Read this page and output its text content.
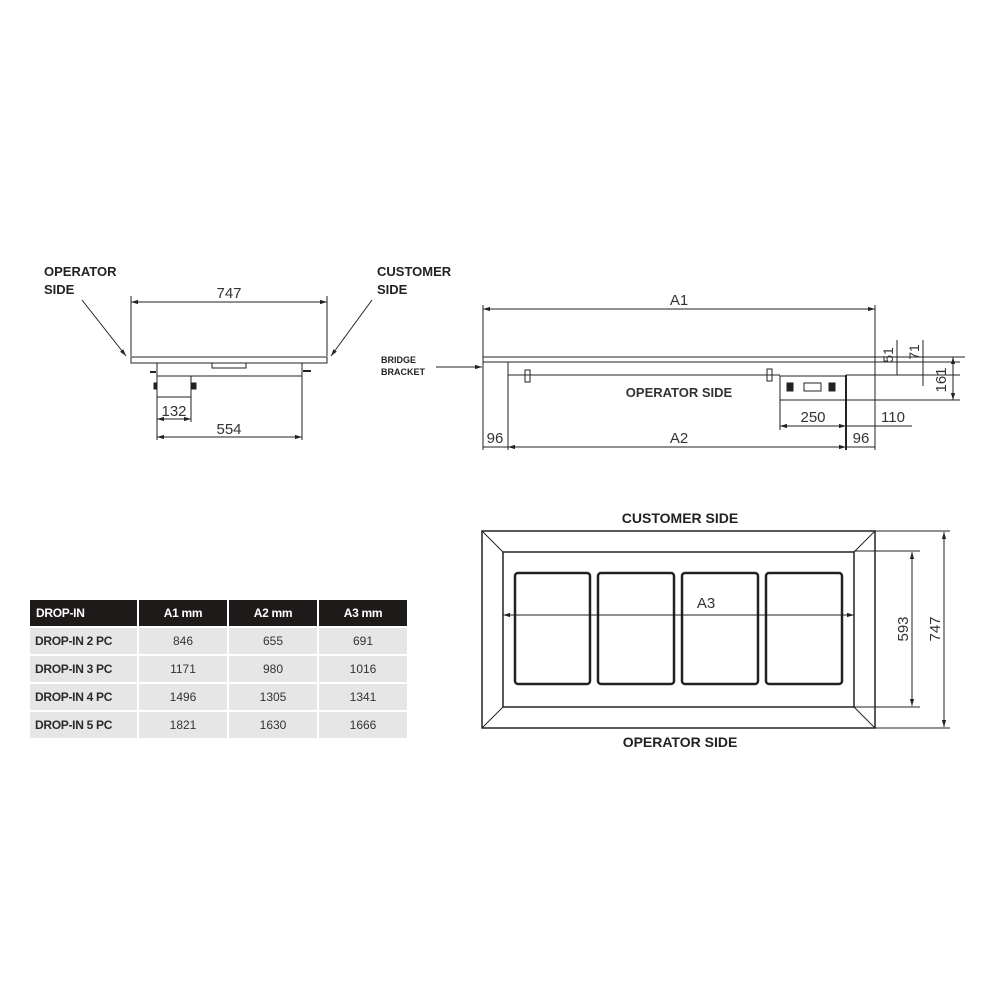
OPERATOR
SIDE
CUSTOMER
SIDE
747
132
554
A1
BRIDGE
BRACKET
OPERATOR SIDE
250	110
96	A2	96
51 71
161
CUSTOMER SIDE
OPERATOR SIDE
A3
593 747
DROP-IN	A1 mm	A2 mm	A3 mm
DROP-IN 2 PC	846	655	691
DROP-IN 3 PC	1171	980	1016
DROP-IN 4 PC	1496	1305	1341
DROP-IN 5 PC	1821	1630	1666
